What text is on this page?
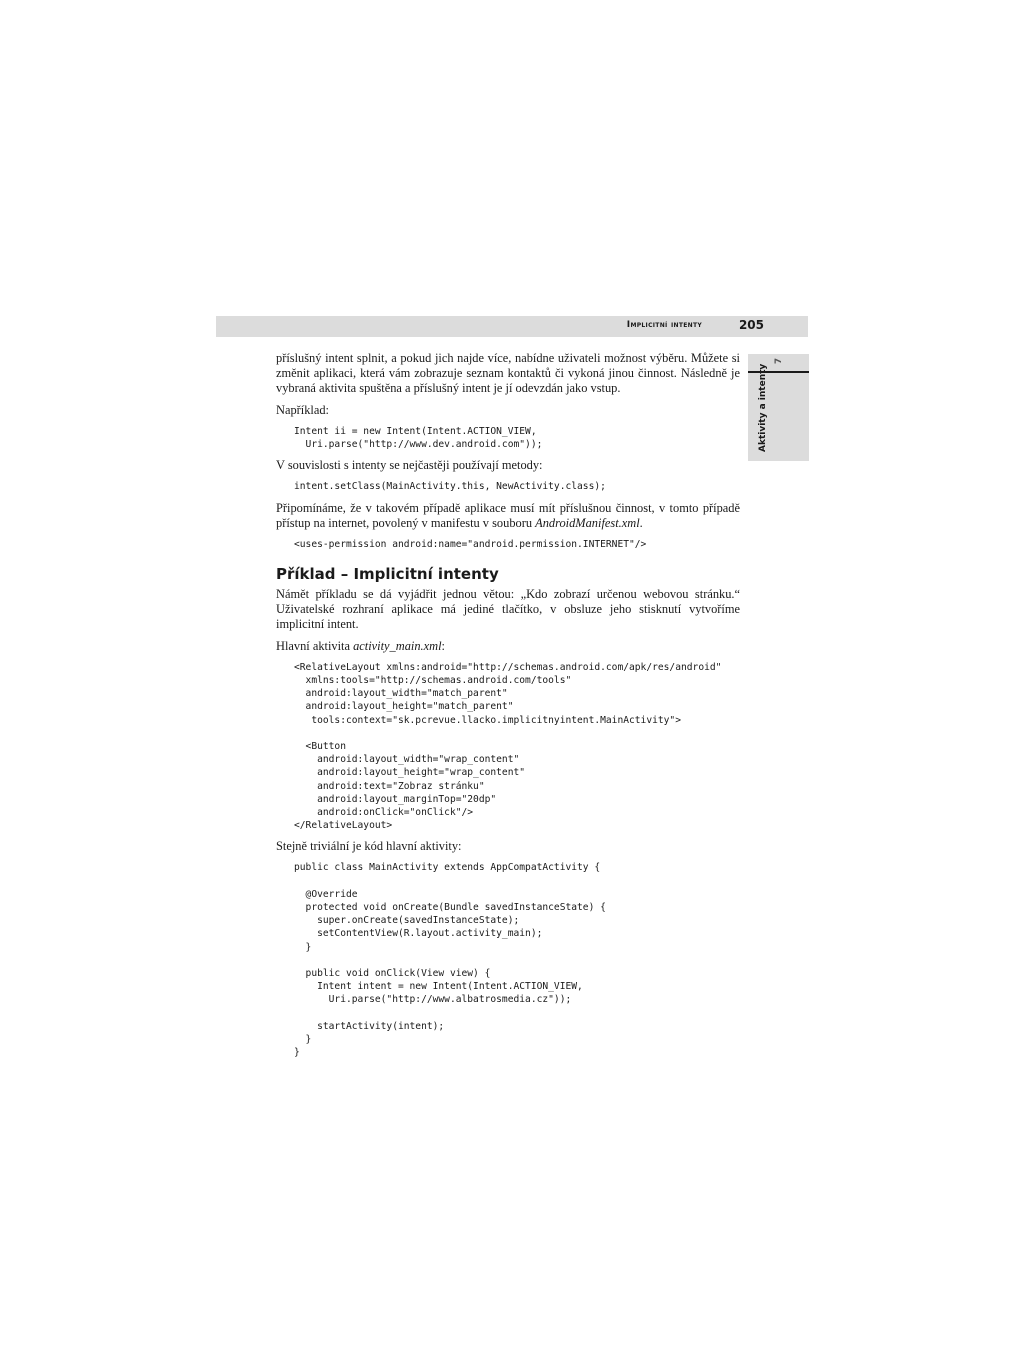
Implicitní intenty	205
7
Aktivity a intenty

příslušný intent splnit, a pokud jich najde více, nabídne uživateli možnost výběru. Můžete si změnit aplikaci, která vám zobrazuje seznam kontaktů či vykoná jinou činnost. Následně je vybraná aktivita spuštěna a příslušný intent je jí odevzdán jako vstup.

Například:

Intent ii = new Intent(Intent.ACTION_VIEW,
Uri.parse("http://www.dev.android.com"));

V souvislosti s intenty se nejčastěji používají metody:

intent.setClass(MainActivity.this, NewActivity.class);

Připomínáme, že v takovém případě aplikace musí mít příslušnou činnost, v tomto případě přístup na internet, povolený v manifestu v souboru AndroidManifest.xml.

<uses-permission android:name="android.permission.INTERNET"/>
Příklad – Implicitní intenty

Námět příkladu se dá vyjádřit jednou větou: „Kdo zobrazí určenou webovou stránku.“ Uživatelské rozhraní aplikace má jediné tlačítko, v obsluze jeho stisknutí vytvoříme implicitní intent.

Hlavní aktivita activity_main.xml:

<RelativeLayout xmlns:android="http://schemas.android.com/apk/res/android"
xmlns:tools="http://schemas.android.com/tools"
android:layout_width="match_parent"
android:layout_height="match_parent"
tools:context="sk.pcrevue.llacko.implicitnyintent.MainActivity">

<Button
android:layout_width="wrap_content"
android:layout_height="wrap_content"
android:text="Zobraz stránku"
android:layout_marginTop="20dp"
android:onClick="onClick"/>
</RelativeLayout>

Stejně triviální je kód hlavní aktivity:

public class MainActivity extends AppCompatActivity {

@Override
protected void onCreate(Bundle savedInstanceState) {
super.onCreate(savedInstanceState);
setContentView(R.layout.activity_main);
}

public void onClick(View view) {
Intent intent = new Intent(Intent.ACTION_VIEW,
Uri.parse("http://www.albatrosmedia.cz"));

startActivity(intent);
}
}
